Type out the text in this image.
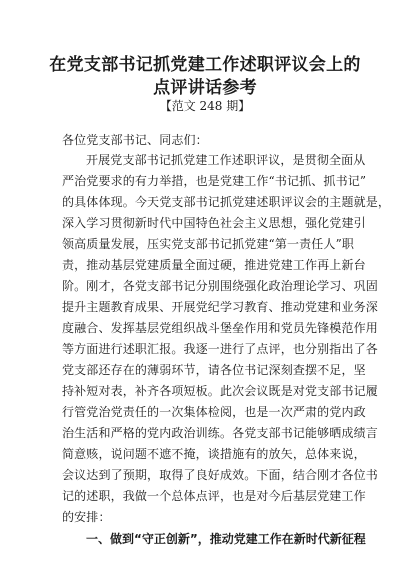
在党支部书记抓党建工作述职评议会上的
点评讲话参考
【范文 248 期】
各位党支部书记、同志们：
开展党支部书记抓党建工作述职评议，是贯彻全面从
严治党要求的有力举措，也是党建工作“书记抓、抓书记”
的具体体现。今天党支部书记抓党建述职评议会的主题就是，
深入学习贯彻新时代中国特色社会主义思想，强化党建引
领高质量发展，压实党支部书记抓党建“第一责任人”职
责，推动基层党建质量全面过硬，推进党建工作再上新台
阶。刚才，各党支部书记分别围绕强化政治理论学习、巩固
提升主题教育成果、开展党纪学习教育、推动党建和业务深
度融合、发挥基层党组织战斗堡垒作用和党员先锋模范作用
等方面进行述职汇报。我逐一进行了点评，也分别指出了各
党支部还存在的薄弱环节，请各位书记深刻查摆不足，坚
持补短对表，补齐各项短板。此次会议既是对党支部书记履
行管党治党责任的一次集体检阅，也是一次严肃的党内政
治生活和严格的党内政治训练。各党支部书记能够晒成绩言
简意赅，说问题不遮不掩，谈措施有的放矢，总体来说，
会议达到了预期，取得了良好成效。下面，结合刚才各位书
记的述职，我做一个总体点评，也是对今后基层党建工作
的安排：
一、做到“守正创新”，推动党建工作在新时代新征程
